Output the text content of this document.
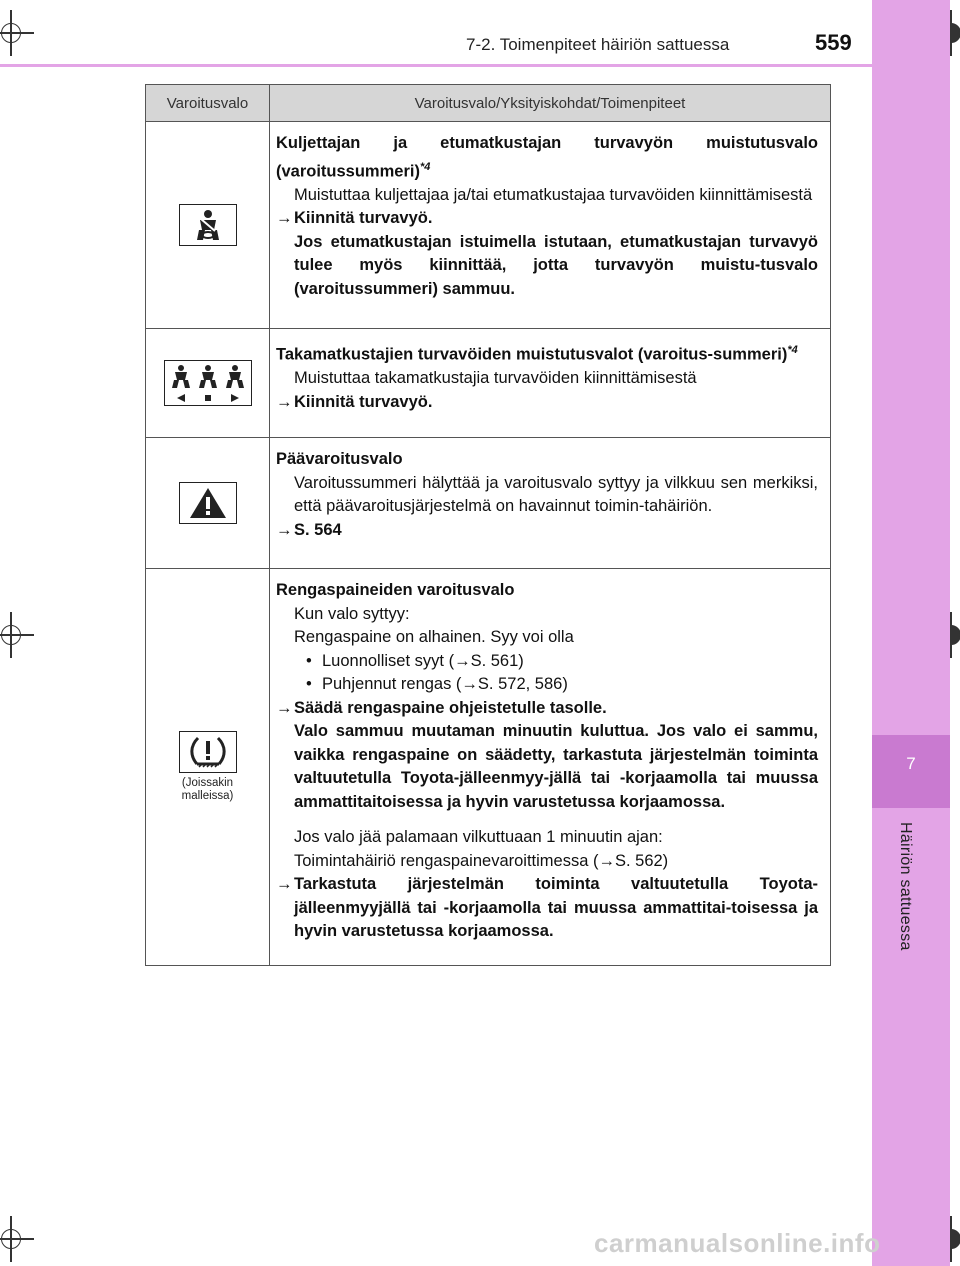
7
Häiriön sattuessa
7-2. Toimenpiteet häiriön sattuessa	559
Varoitusvalo	Varoitusvalo/Yksityiskohdat/Toimenpiteet
Kuljettajan ja etumatkustajan turvavyön muistutusvalo (varoitussummeri)$^{*4}$
Muistuttaa kuljettajaa ja/tai etumatkustajaa turvavöiden kiinnittämisestä
→ Kiinnitä turvavyö.
Jos etumatkustajan istuimella istutaan, etumatkustajan turvavyö tulee myös kiinnittää, jotta turvavyön muistu-tusvalo (varoitussummeri) sammuu.
Takamatkustajien turvavöiden muistutusvalot (varoitus-summeri)$^{*4}$
Muistuttaa takamatkustajia turvavöiden kiinnittämisestä
→ Kiinnitä turvavyö.
Päävaroitusvalo
Varoitussummeri hälyttää ja varoitusvalo syttyy ja vilkkuu sen merkiksi, että päävaroitusjärjestelmä on havainnut toimin-tahäiriön.
→ S. 564
(Joissakin malleissa)
Rengaspaineiden varoitusvalo
Kun valo syttyy:
Rengaspaine on alhainen. Syy voi olla
• Luonnolliset syyt (→S. 561)
• Puhjennut rengas (→S. 572, 586)
→ Säädä rengaspaine ohjeistetulle tasolle.
Valo sammuu muutaman minuutin kuluttua. Jos valo ei sammu, vaikka rengaspaine on säädetty, tarkastuta järjestelmän toiminta valtuutetulla Toyota-jälleenmyy-jällä tai -korjaamolla tai muussa ammattitaitoisessa ja hyvin varustetussa korjaamossa.
Jos valo jää palamaan vilkuttuaan 1 minuutin ajan:
Toimintahäiriö rengaspainevaroittimessa (→S. 562)
→ Tarkastuta järjestelmän toiminta valtuutetulla Toyota-jälleenmyyjällä tai -korjaamolla tai muussa ammattitai-toisessa ja hyvin varustetussa korjaamossa.
carmanualsonline.info
